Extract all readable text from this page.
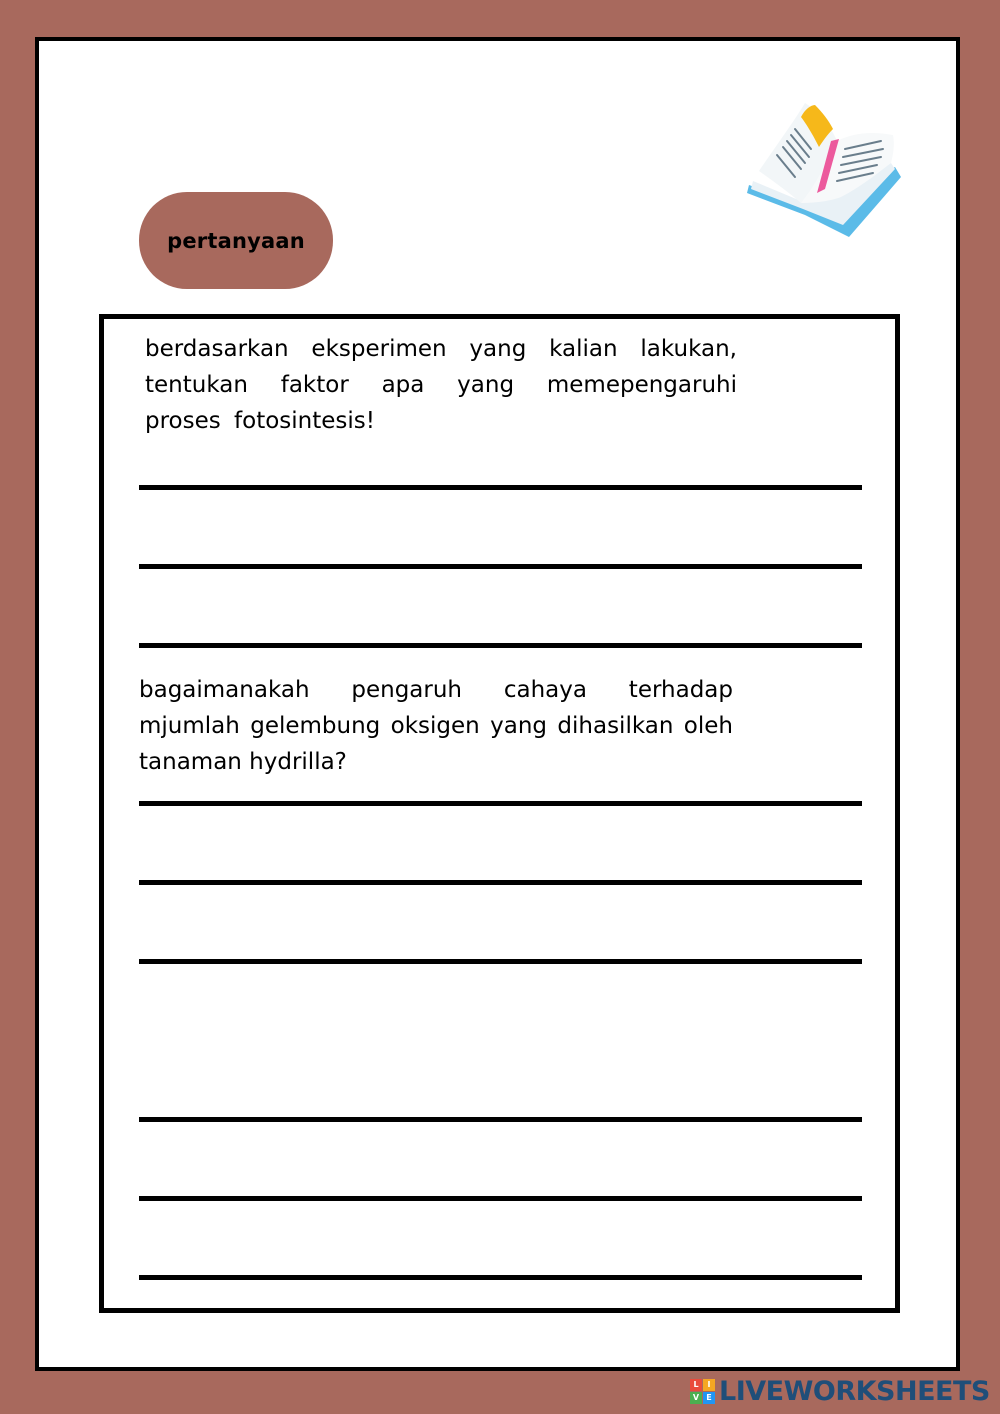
pertanyaan

berdasarkan eksperimen yang kalian lakukan, tentukan faktor apa yang memepengaruhi proses fotosintesis!

bagaimanakah pengaruh cahaya terhadap mjumlah gelembung oksigen yang dihasilkan oleh tanaman hydrilla?

L	I
V E LIVEWORKSHEETS
